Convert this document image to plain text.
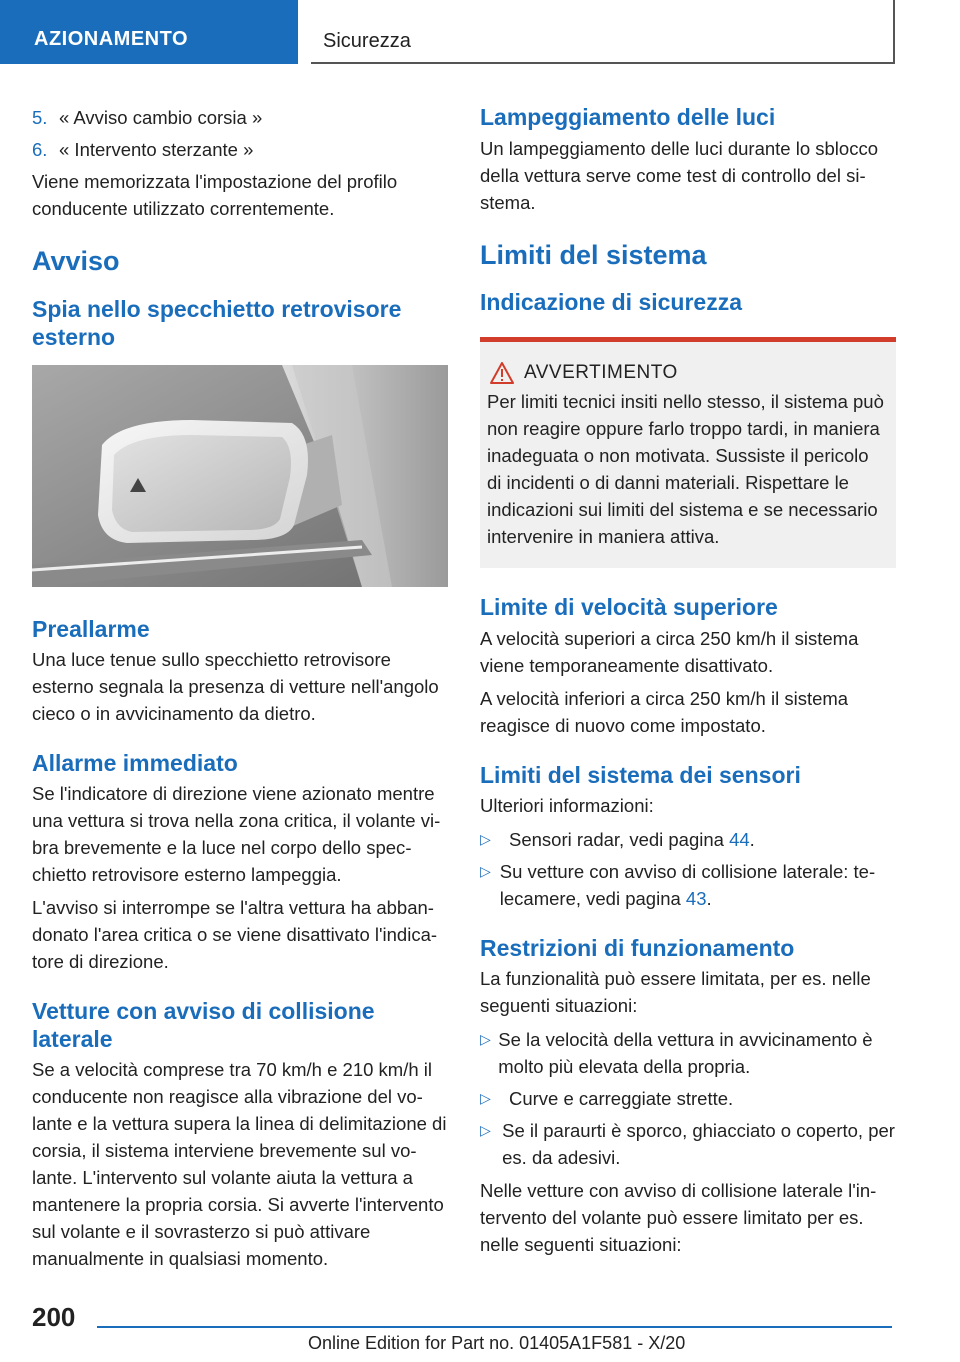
AZIONAMENTO	Sicurezza
5. « Avviso cambio corsia »
6. « Intervento sterzante »

Viene memorizzata l'impostazione del profilo conducente utilizzato correntemente.

Avviso
Spia nello specchietto retrovisore esterno
Preallarme

Una luce tenue sullo specchietto retrovisore esterno segnala la presenza di vetture nell'angolo cieco o in avvicinamento da dietro.

Allarme immediato

Se l'indicatore di direzione viene azionato mentre una vettura si trova nella zona critica, il volante vibra brevemente e la luce nel corpo dello specchietto retrovisore esterno lampeggia.

L'avviso si interrompe se l'altra vettura ha abbandonato l'area critica o se viene disattivato l'indicatore di direzione.

Vetture con avviso di collisione laterale

Se a velocità comprese tra 70 km/h e 210 km/h il conducente non reagisce alla vibrazione del volante e la vettura supera la linea di delimitazione di corsia, il sistema interviene brevemente sul volante. L'intervento sul volante aiuta la vettura a mantenere la propria corsia. Si avverte l'intervento sul volante e il sovrasterzo si può attivare manualmente in qualsiasi momento.

Lampeggiamento delle luci

Un lampeggiamento delle luci durante lo sblocco della vettura serve come test di controllo del sistema.

Limiti del sistema
Indicazione di sicurezza
AVVERTIMENTO

Per limiti tecnici insiti nello stesso, il sistema può non reagire oppure farlo troppo tardi, in maniera inadeguata o non motivata. Sussiste il pericolo di incidenti o di danni materiali. Rispettare le indicazioni sui limiti del sistema e se necessario intervenire in maniera attiva.

Limite di velocità superiore

A velocità superiori a circa 250 km/h il sistema viene temporaneamente disattivato.

A velocità inferiori a circa 250 km/h il sistema reagisce di nuovo come impostato.

Limiti del sistema dei sensori

Ulteriori informazioni:

▷ Sensori radar, vedi pagina 44.
▷ Su vetture con avviso di collisione laterale: telecamere, vedi pagina 43.
Restrizioni di funzionamento

La funzionalità può essere limitata, per es. nelle seguenti situazioni:

▷ Se la velocità della vettura in avvicinamento è molto più elevata della propria.
▷ Curve e carreggiate strette.
▷ Se il paraurti è sporco, ghiacciato o coperto, per es. da adesivi.

Nelle vetture con avviso di collisione laterale l'intervento del volante può essere limitato per es. nelle seguenti situazioni:

200
Online Edition for Part no. 01405A1F581 - X/20
